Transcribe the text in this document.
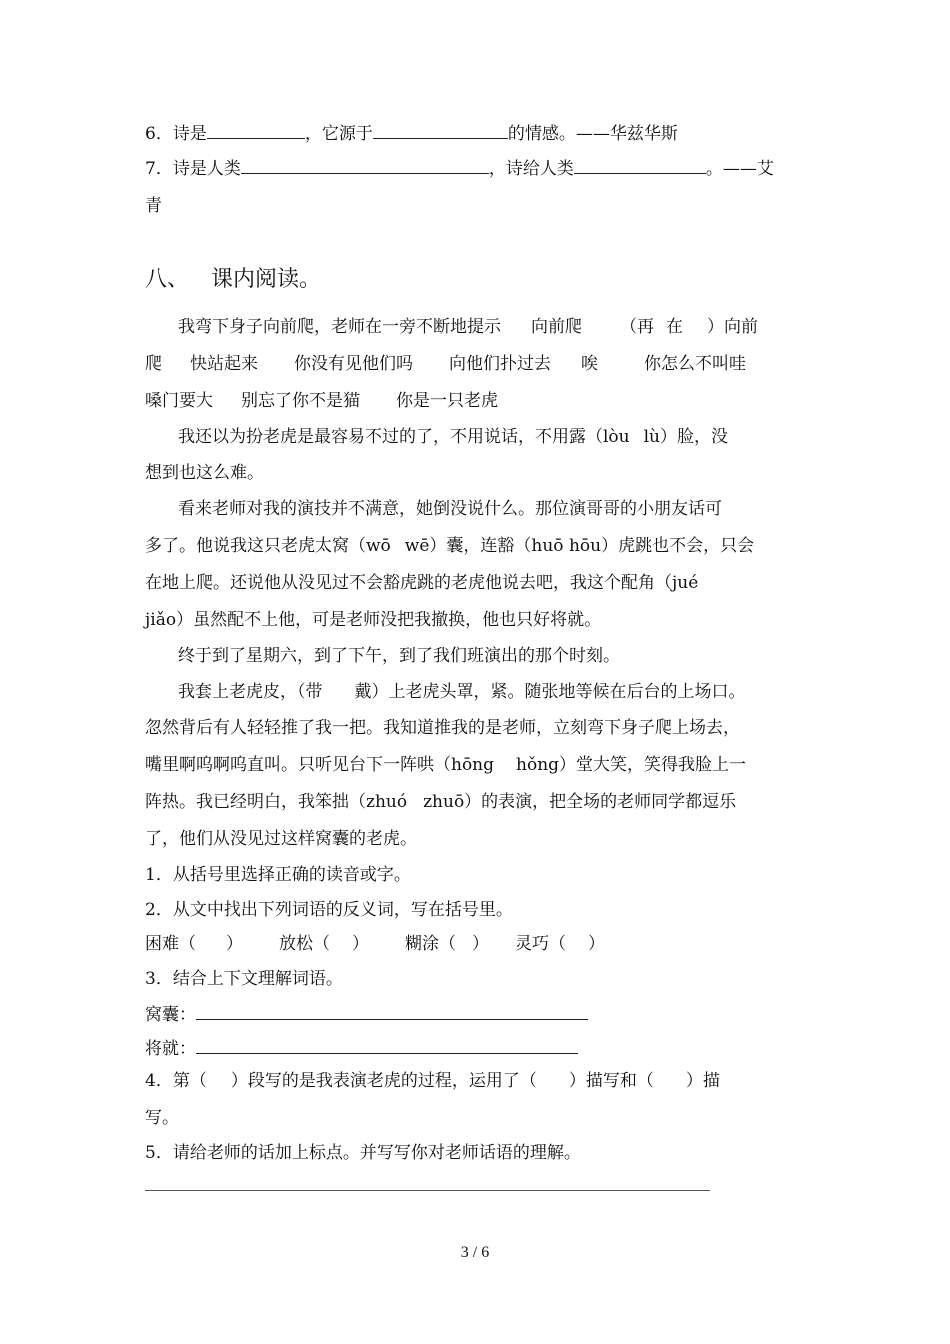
6．诗是	，它源于	的情感。——华兹华斯
7．诗是人类	，诗给人类	。——艾
青
八、 课内阅读。
我弯下身子向前爬，老师在一旁不断地提示 向前爬 （再 在 ）向前
爬 快站起来 你没有见他们吗 向他们扑过去 唉	你怎么不叫哇
嗓门要大 别忘了你不是猫 你是一只老虎
我还以为扮老虎是最容易不过的了，不用说话，不用露（lòu lù）脸，没
想到也这么难。
看来老师对我的演技并不满意，她倒没说什么。那位演哥哥的小朋友话可
多了。他说我这只老虎太窝（wō wē）囊，连豁（huō hōu）虎跳也不会，只会
在地上爬。还说他从没见过不会豁虎跳的老虎他说去吧，我这个配角（jué
jiǎo）虽然配不上他，可是老师没把我撤换，他也只好将就。
终于到了星期六，到了下午，到了我们班演出的那个时刻。
我套上老虎皮，（带 戴）上老虎头罩，紧。随张地等候在后台的上场口。
忽然背后有人轻轻推了我一把。我知道推我的是老师，立刻弯下身子爬上场去，
嘴里啊呜啊呜直叫。只听见台下一阵哄（hōng hǒng）堂大笑，笑得我脸上一
阵热。我已经明白，我笨拙（zhuó zhuō）的表演，把全场的老师同学都逗乐
了，他们从没见过这样窝囊的老虎。
1．从括号里选择正确的读音或字。
2．从文中找出下列词语的反义词，写在括号里。
困难（ ） 放松（ ） 糊涂（ ） 灵巧（ ）
3．结合上下文理解词语。
窝囊：
将就：
4．第（ ）段写的是我表演老虎的过程，运用了（ ）描写和（ ）描
写。
5．请给老师的话加上标点。并写写你对老师话语的理解。
3 / 6
